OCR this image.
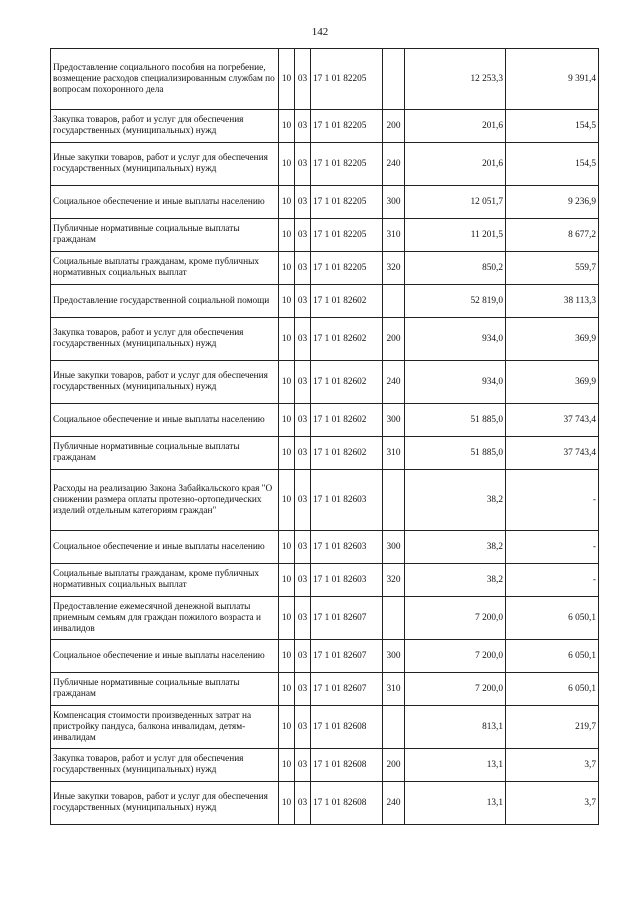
142
Предоставление социального пособия на погребение, возмещение расходов специализированным службам по вопросам похоронного дела	10	03	17 1 01 82205		12 253,3	9 391,4
Закупка товаров, работ и услуг для обеспечения государственных (муниципальных) нужд	10	03	17 1 01 82205	200	201,6	154,5
Иные закупки товаров, работ и услуг для обеспечения государственных (муниципальных) нужд	10	03	17 1 01 82205	240	201,6	154,5
Социальное обеспечение и иные выплаты населению	10	03	17 1 01 82205	300	12 051,7	9 236,9
Публичные нормативные социальные выплаты гражданам	10	03	17 1 01 82205	310	11 201,5	8 677,2
Социальные выплаты гражданам, кроме публичных нормативных социальных выплат	10	03	17 1 01 82205	320	850,2	559,7
Предоставление государственной социальной помощи	10	03	17 1 01 82602		52 819,0	38 113,3
Закупка товаров, работ и услуг для обеспечения государственных (муниципальных) нужд	10	03	17 1 01 82602	200	934,0	369,9
Иные закупки товаров, работ и услуг для обеспечения государственных (муниципальных) нужд	10	03	17 1 01 82602	240	934,0	369,9
Социальное обеспечение и иные выплаты населению	10	03	17 1 01 82602	300	51 885,0	37 743,4
Публичные нормативные социальные выплаты гражданам	10	03	17 1 01 82602	310	51 885,0	37 743,4
Расходы на реализацию Закона Забайкальского края "О снижении размера оплаты протезно-ортопедических изделий отдельным категориям граждан"	10	03	17 1 01 82603		38,2	-
Социальное обеспечение и иные выплаты населению	10	03	17 1 01 82603	300	38,2	-
Социальные выплаты гражданам, кроме публичных нормативных социальных выплат	10	03	17 1 01 82603	320	38,2	-
Предоставление ежемесячной денежной выплаты приемным семьям для граждан пожилого возраста и инвалидов	10	03	17 1 01 82607		7 200,0	6 050,1
Социальное обеспечение и иные выплаты населению	10	03	17 1 01 82607	300	7 200,0	6 050,1
Публичные нормативные социальные выплаты гражданам	10	03	17 1 01 82607	310	7 200,0	6 050,1
Компенсация стоимости произведенных затрат на пристройку пандуса, балкона инвалидам, детям-инвалидам	10	03	17 1 01 82608		813,1	219,7
Закупка товаров, работ и услуг для обеспечения государственных (муниципальных) нужд	10	03	17 1 01 82608	200	13,1	3,7
Иные закупки товаров, работ и услуг для обеспечения государственных (муниципальных) нужд	10	03	17 1 01 82608	240	13,1	3,7
